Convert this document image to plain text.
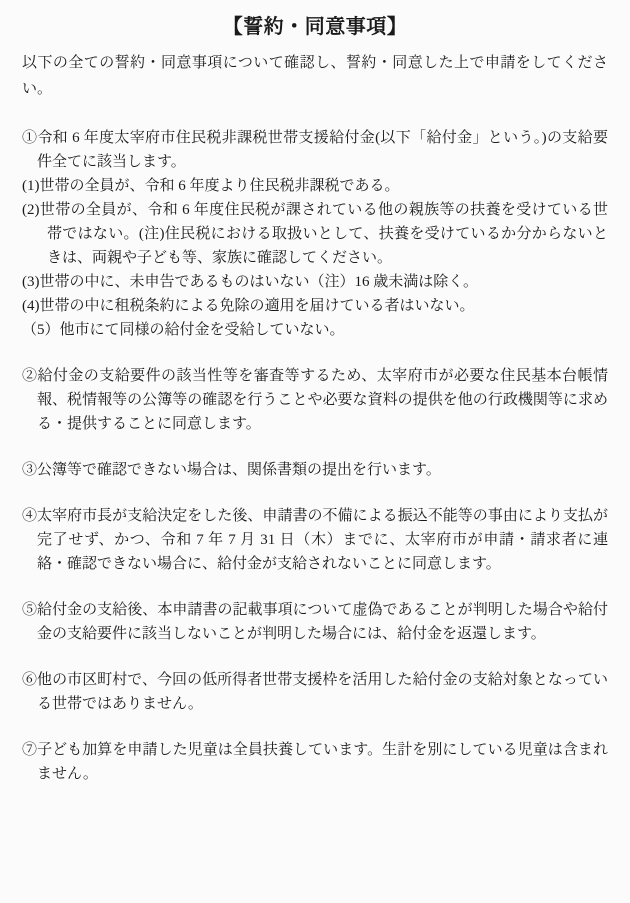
【誓約・同意事項】

以下の全ての誓約・同意事項について確認し、誓約・同意した上で申請をしてください。

①令和 6 年度太宰府市住民税非課税世帯支援給付金(以下「給付金」という。)の支給要件全てに該当します。

(1)世帯の全員が、令和 6 年度より住民税非課税である。

(2)世帯の全員が、令和 6 年度住民税が課されている他の親族等の扶養を受けている世帯ではない。(注)住民税における取扱いとして、扶養を受けているか分からないときは、両親や子ども等、家族に確認してください。

(3)世帯の中に、未申告であるものはいない（注）16 歳未満は除く。

(4)世帯の中に租税条約による免除の適用を届けている者はいない。

（5）他市にて同様の給付金を受給していない。

②給付金の支給要件の該当性等を審査等するため、太宰府市が必要な住民基本台帳情報、税情報等の公簿等の確認を行うことや必要な資料の提供を他の行政機関等に求める・提供することに同意します。

③公簿等で確認できない場合は、関係書類の提出を行います。

④太宰府市長が支給決定をした後、申請書の不備による振込不能等の事由により支払が完了せず、かつ、令和 7 年 7 月 31 日（木）までに、太宰府市が申請・請求者に連絡・確認できない場合に、給付金が支給されないことに同意します。

⑤給付金の支給後、本申請書の記載事項について虚偽であることが判明した場合や給付金の支給要件に該当しないことが判明した場合には、給付金を返還します。

⑥他の市区町村で、今回の低所得者世帯支援枠を活用した給付金の支給対象となっている世帯ではありません。

⑦子ども加算を申請した児童は全員扶養しています。生計を別にしている児童は含まれません。
